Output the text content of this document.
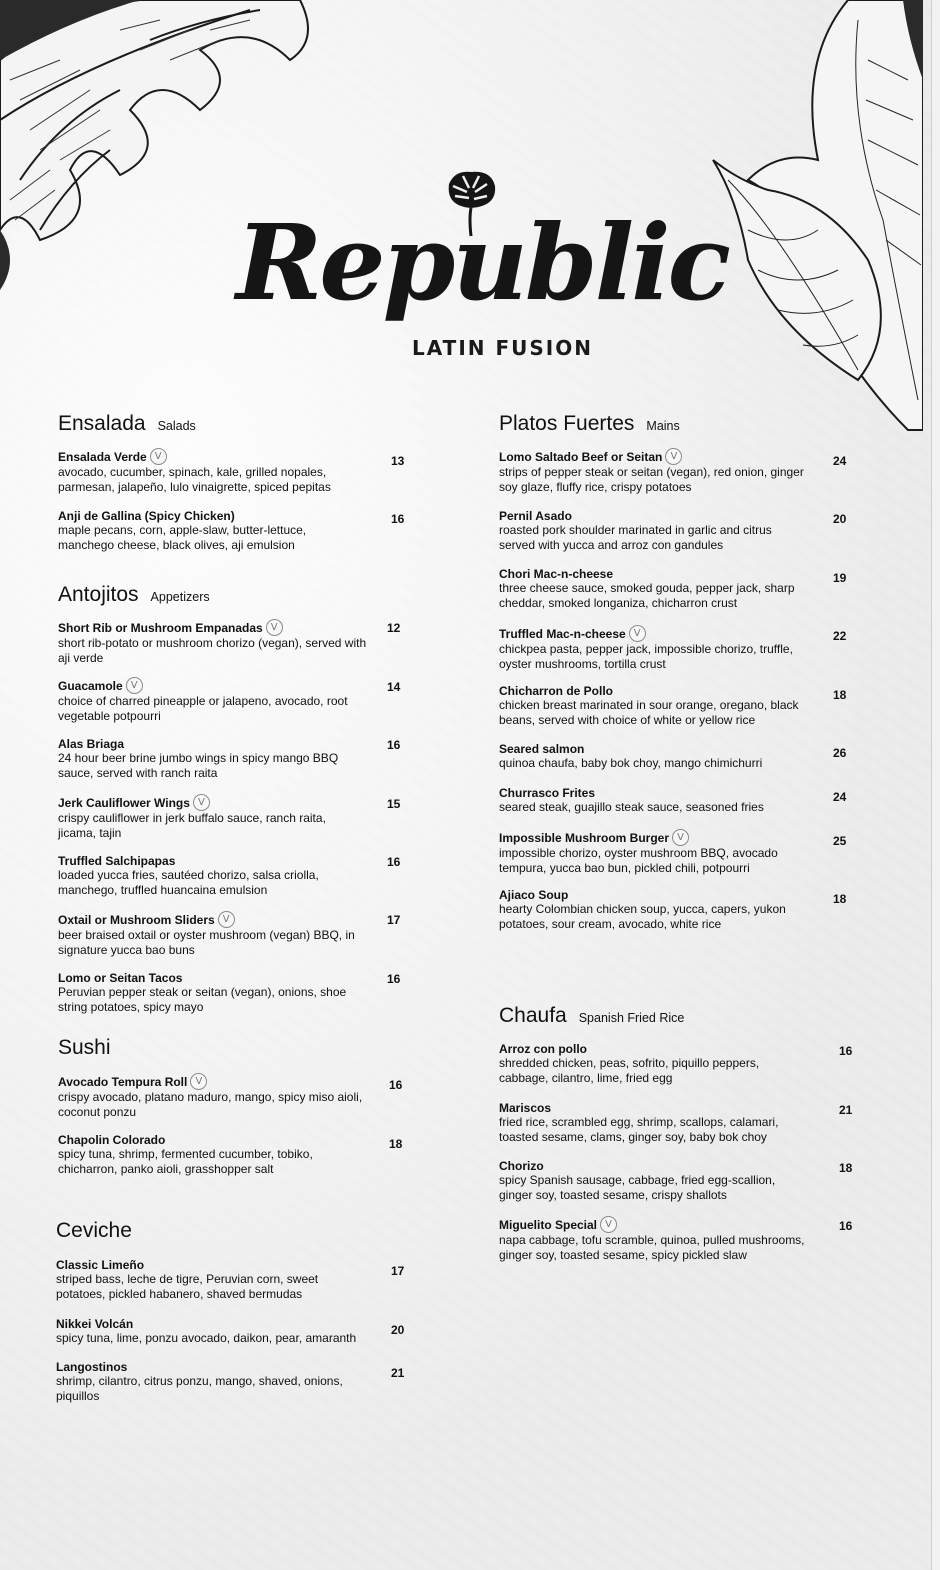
Republic
LATIN FUSION
Ensalada Salads
Ensalada Verde V
avocado, cucumber, spinach, kale, grilled nopales, parmesan, jalapeño, lulo vinaigrette, spiced pepitas
13
Anji de Gallina (Spicy Chicken)
maple pecans, corn, apple-slaw, butter-lettuce, manchego cheese, black olives, aji emulsion
16
Antojitos Appetizers
Short Rib or Mushroom Empanadas V
short rib-potato or mushroom chorizo (vegan), served with aji verde
12
Guacamole V
choice of charred pineapple or jalapeno, avocado, root vegetable potpourri
14
Alas Briaga
24 hour beer brine jumbo wings in spicy mango BBQ sauce, served with ranch raita
16
Jerk Cauliflower Wings V
crispy cauliflower in jerk buffalo sauce, ranch raita, jicama, tajin
15
Truffled Salchipapas
loaded yucca fries, sautéed chorizo, salsa criolla, manchego, truffled huancaina emulsion
16
Oxtail or Mushroom Sliders V
beer braised oxtail or oyster mushroom (vegan) BBQ, in signature yucca bao buns
17
Lomo or Seitan Tacos
Peruvian pepper steak or seitan (vegan), onions, shoe string potatoes, spicy mayo
16
Sushi
Avocado Tempura Roll V
crispy avocado, platano maduro, mango, spicy miso aioli, coconut ponzu
16
Chapolin Colorado
spicy tuna, shrimp, fermented cucumber, tobiko, chicharron, panko aioli, grasshopper salt
18
Ceviche
Classic Limeño
striped bass, leche de tigre, Peruvian corn, sweet potatoes, pickled habanero, shaved bermudas
17
Nikkei Volcán
spicy tuna, lime, ponzu avocado, daikon, pear, amaranth
20
Langostinos
shrimp, cilantro, citrus ponzu, mango, shaved, onions, piquillos
21
Platos Fuertes Mains
Lomo Saltado Beef or Seitan V
strips of pepper steak or seitan (vegan), red onion, ginger soy glaze, fluffy rice, crispy potatoes
24
Pernil Asado
roasted pork shoulder marinated in garlic and citrus served with yucca and arroz con gandules
20
Chori Mac-n-cheese
three cheese sauce, smoked gouda, pepper jack, sharp cheddar, smoked longaniza, chicharron crust
19
Truffled Mac-n-cheese V
chickpea pasta, pepper jack, impossible chorizo, truffle, oyster mushrooms, tortilla crust
22
Chicharron de Pollo
chicken breast marinated in sour orange, oregano, black beans, served with choice of white or yellow rice
18
Seared salmon
quinoa chaufa, baby bok choy, mango chimichurri
26
Churrasco Frites
seared steak, guajillo steak sauce, seasoned fries
24
Impossible Mushroom Burger V
impossible chorizo, oyster mushroom BBQ, avocado tempura, yucca bao bun, pickled chili, potpourri
25
Ajiaco Soup
hearty Colombian chicken soup, yucca, capers, yukon potatoes, sour cream, avocado, white rice
18
Chaufa Spanish Fried Rice
Arroz con pollo
shredded chicken, peas, sofrito, piquillo peppers, cabbage, cilantro, lime, fried egg
16
Mariscos
fried rice, scrambled egg, shrimp, scallops, calamari, toasted sesame, clams, ginger soy, baby bok choy
21
Chorizo
spicy Spanish sausage, cabbage, fried egg-scallion, ginger soy, toasted sesame, crispy shallots
18
Miguelito Special V
napa cabbage, tofu scramble, quinoa, pulled mushrooms, ginger soy, toasted sesame, spicy pickled slaw
16
